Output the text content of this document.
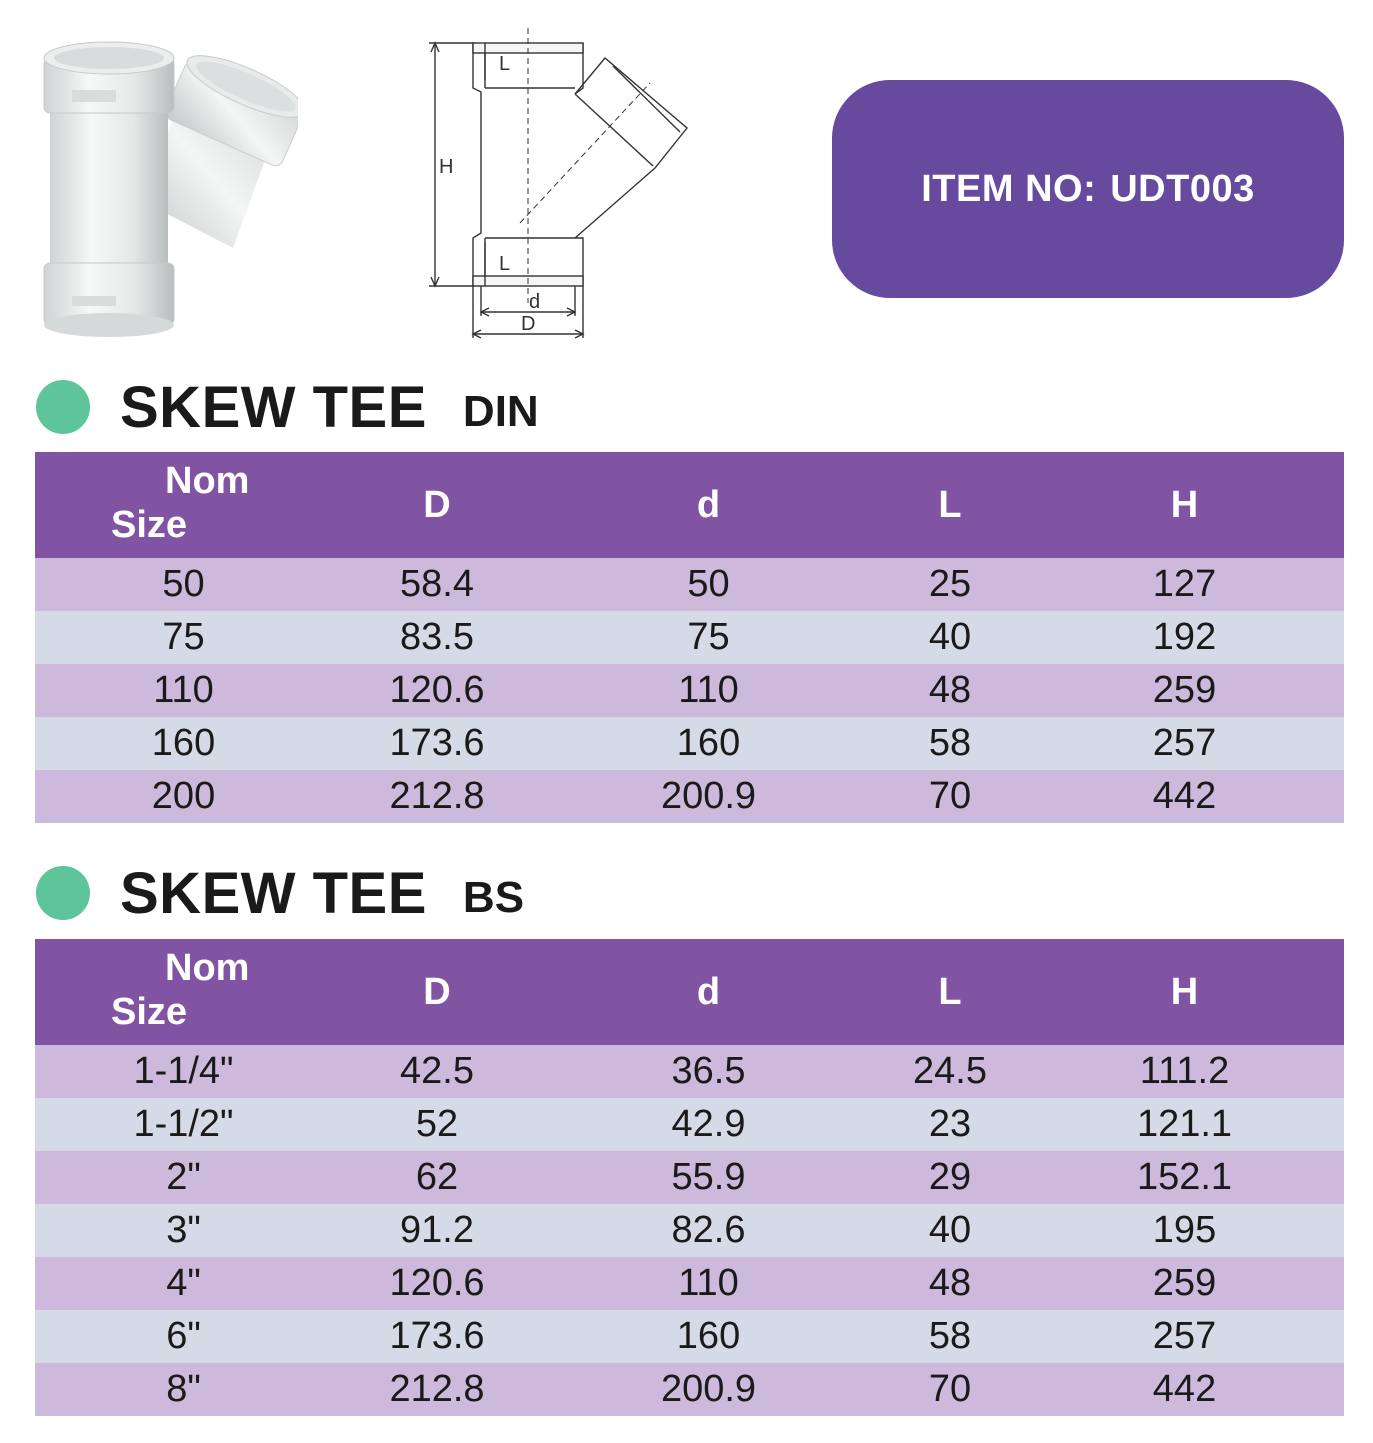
L
H
L
d
D
ITEM NO: UDT003
SKEW TEE DIN
Nom
Size	D	d	L	H
50	58.4	50	25	127
75	83.5	75	40	192
110	120.6	110	48	259
160	173.6	160	58	257
200	212.8	200.9	70	442
SKEW TEE BS
Nom
Size	D	d	L	H
1-1/4"	42.5	36.5	24.5	111.2
1-1/2"	52	42.9	23	121.1
2"	62	55.9	29	152.1
3"	91.2	82.6	40	195
4"	120.6	110	48	259
6"	173.6	160	58	257
8"	212.8	200.9	70	442
